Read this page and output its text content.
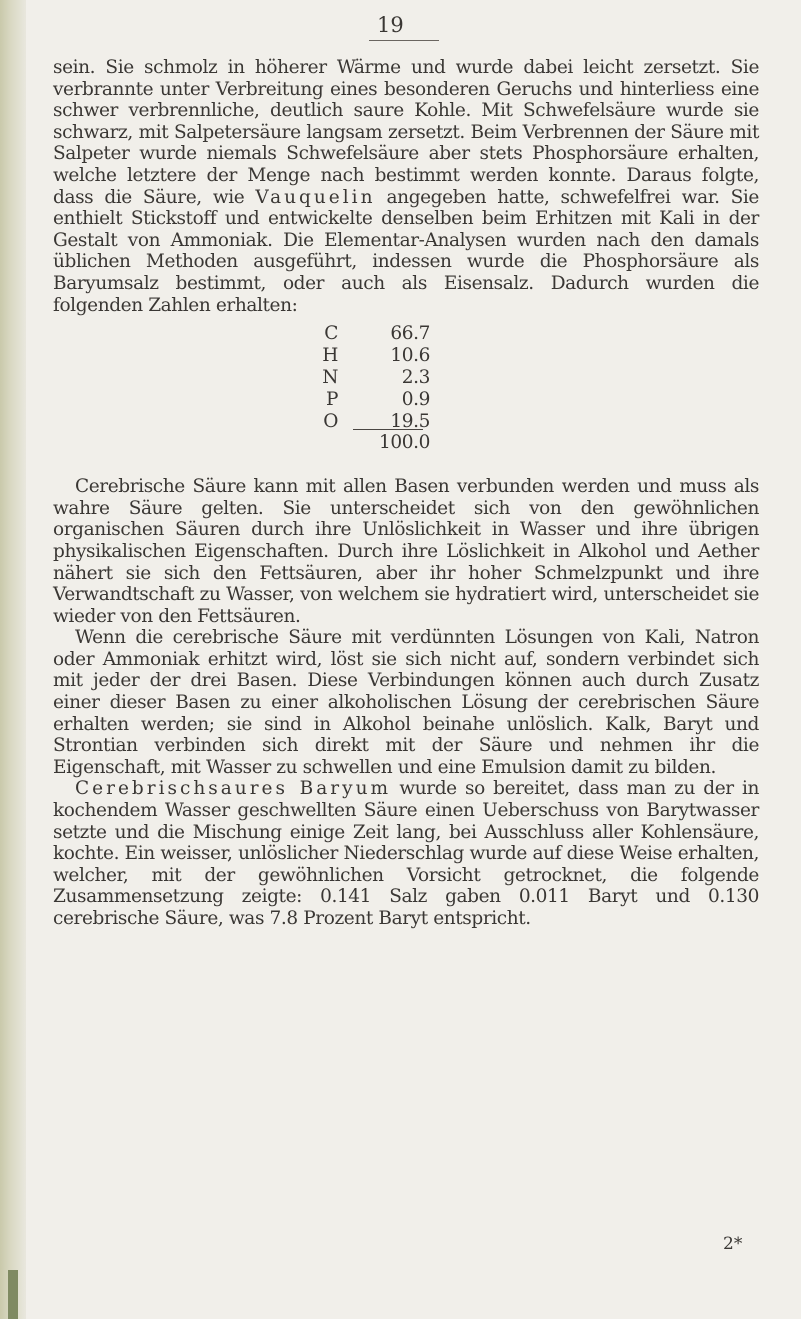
19

sein. Sie schmolz in höherer Wärme und wurde dabei leicht zersetzt. Sie verbrannte unter Verbreitung eines besonderen Geruchs und hinterliess eine schwer verbrennliche, deutlich saure Kohle. Mit Schwefelsäure wurde sie schwarz, mit Salpetersäure langsam zersetzt. Beim Verbrennen der Säure mit Salpeter wurde niemals Schwefelsäure aber stets Phosphorsäure erhalten, welche letztere der Menge nach bestimmt werden konnte. Daraus folgte, dass die Säure, wie Vauquelin angegeben hatte, schwefelfrei war. Sie enthielt Stickstoff und entwickelte denselben beim Erhitzen mit Kali in der Gestalt von Ammoniak. Die Elementar-Analysen wurden nach den damals üblichen Methoden ausgeführt, indessen wurde die Phosphorsäure als Baryumsalz bestimmt, oder auch als Eisensalz. Dadurch wurden die folgenden Zahlen erhalten:

C	66.7
H	10.6
N	2.3
P	0.9
O	19.5
100.0

Cerebrische Säure kann mit allen Basen verbunden werden und muss als wahre Säure gelten. Sie unterscheidet sich von den gewöhnlichen organischen Säuren durch ihre Unlöslichkeit in Wasser und ihre übrigen physikalischen Eigenschaften. Durch ihre Löslichkeit in Alkohol und Aether nähert sie sich den Fettsäuren, aber ihr hoher Schmelzpunkt und ihre Verwandtschaft zu Wasser, von welchem sie hydratiert wird, unterscheidet sie wieder von den Fettsäuren.

Wenn die cerebrische Säure mit verdünnten Lösungen von Kali, Natron oder Ammoniak erhitzt wird, löst sie sich nicht auf, sondern verbindet sich mit jeder der drei Basen. Diese Verbindungen können auch durch Zusatz einer dieser Basen zu einer alkoholischen Lösung der cerebrischen Säure erhalten werden; sie sind in Alkohol beinahe unlöslich. Kalk, Baryt und Strontian verbinden sich direkt mit der Säure und nehmen ihr die Eigenschaft, mit Wasser zu schwellen und eine Emulsion damit zu bilden.

Cerebrischsaures Baryum wurde so bereitet, dass man zu der in kochendem Wasser geschwellten Säure einen Ueberschuss von Barytwasser setzte und die Mischung einige Zeit lang, bei Ausschluss aller Kohlensäure, kochte. Ein weisser, unlöslicher Niederschlag wurde auf diese Weise erhalten, welcher, mit der gewöhnlichen Vorsicht getrocknet, die folgende Zusammensetzung zeigte: 0.141 Salz gaben 0.011 Baryt und 0.130 cerebrische Säure, was 7.8 Prozent Baryt entspricht.

2*
